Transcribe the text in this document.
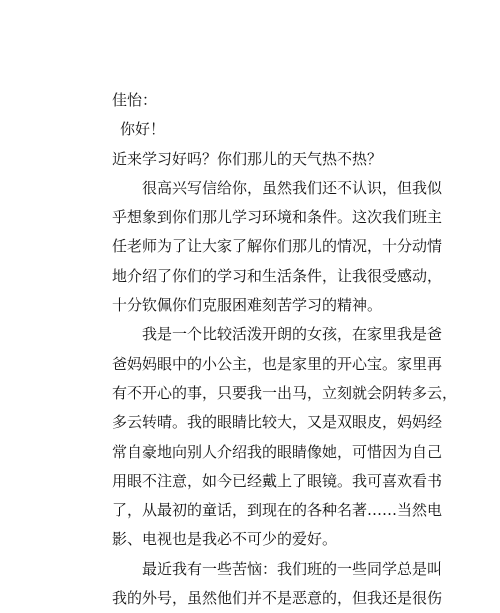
佳怡：
你好！
近来学习好吗？你们那儿的天气热不热？
很高兴写信给你，虽然我们还不认识，但我似
乎想象到你们那儿学习环境和条件。这次我们班主
任老师为了让大家了解你们那儿的情况，十分动情
地介绍了你们的学习和生活条件，让我很受感动，
十分钦佩你们克服困难刻苦学习的精神。
我是一个比较活泼开朗的女孩，在家里我是爸
爸妈妈眼中的小公主，也是家里的开心宝。家里再
有不开心的事，只要我一出马，立刻就会阴转多云，
多云转晴。我的眼睛比较大，又是双眼皮，妈妈经
常自豪地向别人介绍我的眼睛像她，可惜因为自己
用眼不注意，如今已经戴上了眼镜。我可喜欢看书
了，从最初的童话，到现在的各种名著……当然电
影、电视也是我必不可少的爱好。
最近我有一些苦恼：我们班的一些同学总是叫
我的外号，虽然他们并不是恶意的，但我还是很伤
